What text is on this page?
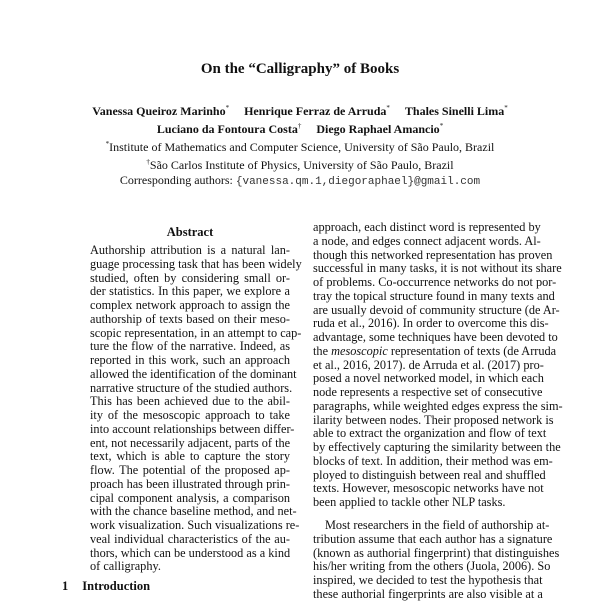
On the “Calligraphy” of Books
Vanessa Queiroz Marinho* Henrique Ferraz de Arruda* Thales Sinelli Lima*
Luciano da Fontoura Costa† Diego Raphael Amancio*
*Institute of Mathematics and Computer Science, University of São Paulo, Brazil
†São Carlos Institute of Physics, University of São Paulo, Brazil
Corresponding authors: {vanessa.qm.1,diegoraphael}@gmail.com
Abstract
Authorship attribution is a natural lan-
guage processing task that has been widely
studied, often by considering small or-
der statistics. In this paper, we explore a
complex network approach to assign the
authorship of texts based on their meso-
scopic representation, in an attempt to cap-
ture the flow of the narrative. Indeed, as
reported in this work, such an approach
allowed the identification of the dominant
narrative structure of the studied authors.
This has been achieved due to the abil-
ity of the mesoscopic approach to take
into account relationships between differ-
ent, not necessarily adjacent, parts of the
text, which is able to capture the story
flow. The potential of the proposed ap-
proach has been illustrated through prin-
cipal component analysis, a comparison
with the chance baseline method, and net-
work visualization. Such visualizations re-
veal individual characteristics of the au-
thors, which can be understood as a kind
of calligraphy.
1 Introduction
approach, each distinct word is represented by
a node, and edges connect adjacent words. Al-
though this networked representation has proven
successful in many tasks, it is not without its share
of problems. Co-occurrence networks do not por-
tray the topical structure found in many texts and
are usually devoid of community structure (de Ar-
ruda et al., 2016). In order to overcome this dis-
advantage, some techniques have been devoted to
the mesoscopic representation of texts (de Arruda
et al., 2016, 2017). de Arruda et al. (2017) pro-
posed a novel networked model, in which each
node represents a respective set of consecutive
paragraphs, while weighted edges express the sim-
ilarity between nodes. Their proposed network is
able to extract the organization and flow of text
by effectively capturing the similarity between the
blocks of text. In addition, their method was em-
ployed to distinguish between real and shuffled
texts. However, mesoscopic networks have not
been applied to tackle other NLP tasks.
Most researchers in the field of authorship at-
tribution assume that each author has a signature
(known as authorial fingerprint) that distinguishes
his/her writing from the others (Juola, 2006). So
inspired, we decided to test the hypothesis that
these authorial fingerprints are also visible at a
